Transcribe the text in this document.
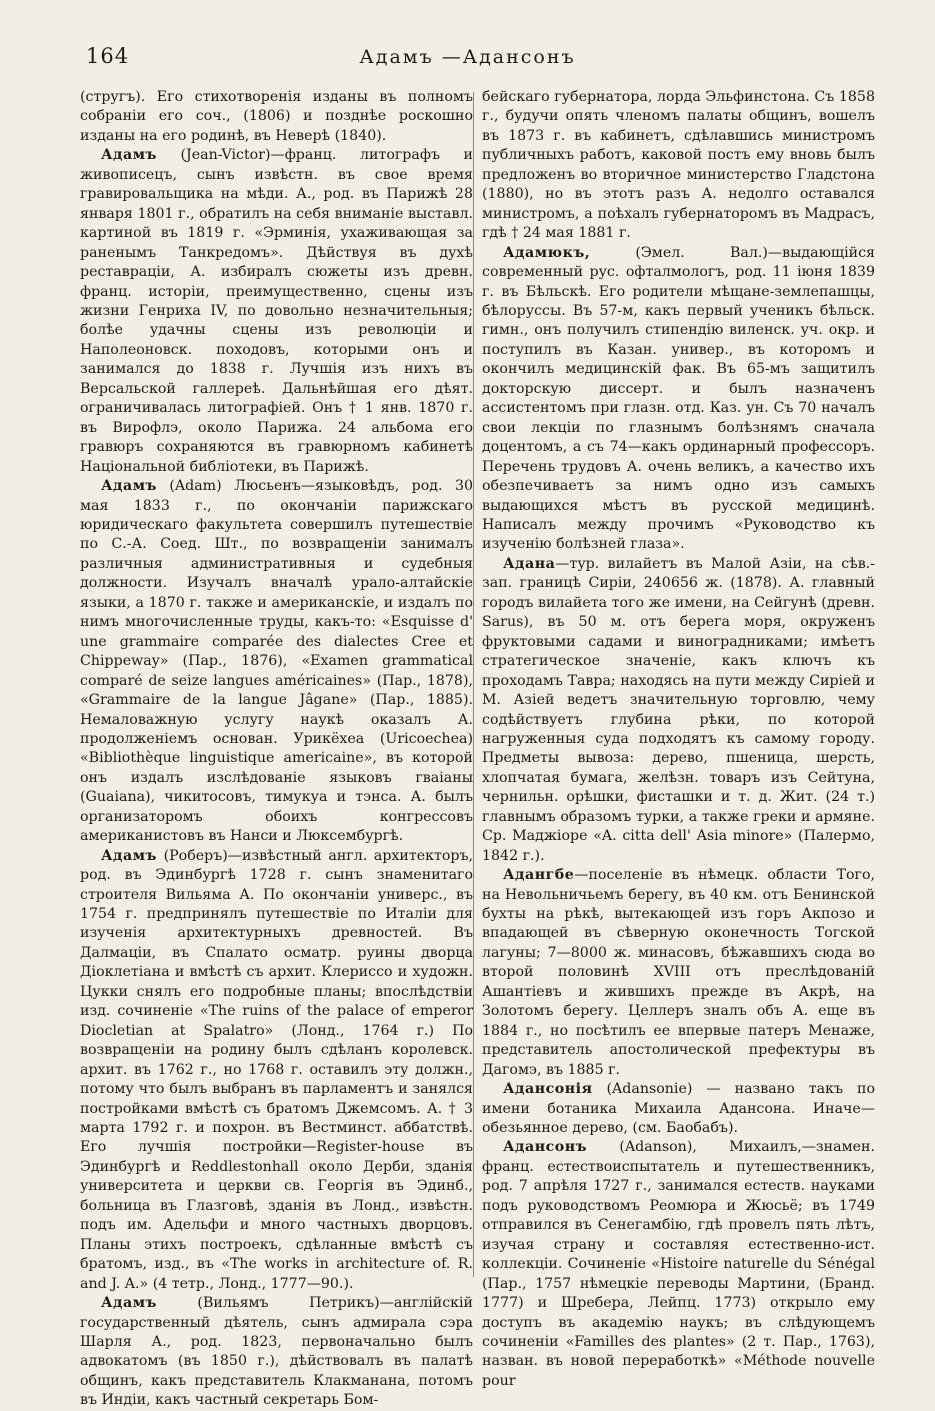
164	Адамъ —Адансонъ

(стругъ). Его стихотворенія изданы въ полномъ собраніи его соч., (1806) и позднѣе роскошно изданы на его родинѣ, въ Неверѣ (1840).

Адамъ (Jean-Victor)—франц. литографъ и живописецъ, сынъ извѣстн. въ свое время гравировальщика на мѣди. А., род. въ Парижѣ 28 января 1801 г., обратилъ на себя вниманіе выставл. картиной въ 1819 г. «Эрминія, ухаживающая за раненымъ Танкредомъ». Дѣйствуя въ духѣ реставраціи, А. избиралъ сюжеты изъ древн. франц. исторіи, преимущественно, сцены изъ жизни Генриха IV, по довольно незначительныя; болѣе удачны сцены изъ революціи и Наполеоновск. походовъ, которыми онъ и занимался до 1838 г. Лучшія изъ нихъ въ Версальской галлереѣ. Дальнѣйшая его дѣят. ограничивалась литографіей. Онъ † 1 янв. 1870 г. въ Вирофлэ, около Парижа. 24 альбома его гравюръ сохраняются въ гравюрномъ кабинетѣ Національной библіотеки, въ Парижѣ.

Адамъ (Adam) Люсьенъ—языковѣдъ, род. 30 мая 1833 г., по окончаніи парижскаго юридическаго факультета совершилъ путешествіе по С.-А. Соед. Шт., по возвращеніи занималъ различныя административныя и судебныя должности. Изучалъ вначалѣ урало-алтайскіе языки, а 1870 г. также и американскіе, и издалъ по нимъ многочисленные труды, какъ-то: «Esquisse d' une grammaire comparée des dialectes Cree et Chippeway» (Пар., 1876), «Examen grammatical comparé de seize langues américaines» (Пар., 1878), «Grammaire de la langue Jâgane» (Пар., 1885). Немаловажную услугу наукѣ оказалъ А. продолженіемъ основан. Урикёхеа (Uricoechea) «Bibliothèque linguistique americaine», въ которой онъ издалъ изслѣдованіе языковъ гваіаны (Guaiana), чикитосовъ, тимукуа и тэнса. А. былъ организаторомъ обоихъ конгрессовъ американистовъ въ Нанси и Люксембургѣ.

Адамъ (Роберъ)—извѣстный англ. архитекторъ, род. въ Эдинбургѣ 1728 г. сынъ знаменитаго строителя Вильяма А. По окончаніи универс., въ 1754 г. предпринялъ путешествіе по Италіи для изученія архитектурныхъ древностей. Въ Далмаціи, въ Спалато осматр. руины дворца Діоклетіана и вмѣстѣ съ архит. Клериссо и художн. Цукки снялъ его подробные планы; впослѣдствіи изд. сочиненіе «The ruins of the palace of emperor Diocletian at Spalatro» (Лонд., 1764 г.) По возвращеніи на родину былъ сдѣланъ королевск. архит. въ 1762 г., но 1768 г. оставилъ эту должн., потому что былъ выбранъ въ парламентъ и занялся постройками вмѣстѣ съ братомъ Джемсомъ. А. † 3 марта 1792 г. и похрон. въ Вестминст. аббатствѣ. Его лучшія постройки—Register-house въ Эдинбургѣ и Reddlestonhall около Дерби, зданія университета и церкви св. Георгія въ Эдинб., больница въ Глазговѣ, зданія въ Лонд., извѣстн. подъ им. Адельфи и много частныхъ дворцовъ. Планы этихъ построекъ, сдѣланные вмѣстѣ съ братомъ, изд., въ «The works in architecture of. R. and J. A.» (4 тетр., Лонд., 1777—90.).

Адамъ	(Вильямъ Петрикъ)—англійскій государственный дѣятель, сынъ адмирала сэра Шарля А., род. 1823, первоначально былъ адвокатомъ (въ 1850 г.), дѣйствовалъ въ палатѣ общинъ, какъ представитель Клакманана, потомъ въ Индіи, какъ частный секретарь Бом-

бейскаго губернатора, лорда Эльфинстона. Съ 1858 г., будучи опять членомъ палаты общинъ, вошелъ въ 1873 г. въ кабинетъ, сдѣлавшись министромъ публичныхъ работъ, каковой постъ ему вновь былъ предложенъ во вторичное министерство Гладстона (1880), но въ этотъ разъ А. недолго оставался министромъ, а поѣхалъ губернаторомъ въ Мадрасъ, гдѣ † 24 мая 1881 г.

Адамюкъ,	(Эмел. Вал.)—выдающійся современный рус. офталмологъ, род. 11 іюня 1839 г. въ Бѣльскѣ. Его родители мѣщане-землепашцы, бѣлоруссы. Въ 57-м, какъ первый ученикъ бѣльск. гимн., онъ получилъ стипендію виленск. уч. окр. и поступилъ въ Казан. универ., въ которомъ и окончилъ медицинскій фак. Въ 65-мъ защитилъ докторскую диссерт. и былъ назначенъ ассистентомъ при глазн. отд. Каз. ун. Съ 70 началъ свои лекціи по глазнымъ болѣзнямъ сначала доцентомъ, а съ 74—какъ ординарный профессоръ. Перечень трудовъ А. очень великъ, а качество ихъ обезпечиваетъ за нимъ одно изъ самыхъ выдающихся мѣстъ въ русской медицинѣ. Написалъ между прочимъ «Руководство къ изученію болѣзней глаза».

Адана—тур. вилайетъ въ Малой Азіи, на сѣв.-зап. границѣ Сиріи, 240656 ж. (1878). А. главный городъ вилайета того же имени, на Сейгунѣ (древн. Sarus), въ 50 м. отъ берега моря, окруженъ фруктовыми садами и виноградниками; имѣетъ стратегическое значеніе, какъ ключъ къ проходамъ Тавра; находясь на пути между Сиріей и М. Азіей ведетъ значительную торговлю, чему содѣйствуетъ глубина рѣки, по которой нагруженныя суда подходятъ къ самому городу. Предметы вывоза: дерево, пшеница, шерсть, хлопчатая бумага, желѣзн. товаръ изъ Сейтуна, чернильн. орѣшки, фисташки и т. д. Жит. (24 т.) главнымъ образомъ турки, а также греки и армяне. Ср. Маджіоре «A. citta dell' Asia minore» (Палермо, 1842 г.).

Адангбе—поселеніе въ нѣмецк. области Того, на Невольничьемъ берегу, въ 40 км. отъ Бенинской бухты на рѣкѣ, вытекающей изъ горъ Акпозо и впадающей въ сѣверную оконечность Тогской лагуны; 7—8000 ж. минасовъ, бѣжавшихъ сюда во второй половинѣ XVIII отъ преслѣдованій Ашантіевъ и жившихъ прежде въ Акрѣ, на Золотомъ берегу. Целлеръ зналъ объ А. еще въ 1884 г., но посѣтилъ ее впервые патеръ Менаже, представитель апостолической префектуры въ Дагомэ, въ 1885 г.

Адансонія (Adansonie) — названо такъ по имени ботаника Михаила Адансона. Иначе—обезьянное дерево, (см. Баобабъ).

Адансонъ (Adanson), Михаилъ,—знамен. франц. естествоиспытатель и путешественникъ, род. 7 апрѣля 1727 г., занимался естеств. науками подъ руководствомъ Реомюра и Жюсьё; въ 1749 отправился въ Сенегамбію, гдѣ провелъ пять лѣтъ, изучая страну и составляя естественно-ист. коллекціи. Сочиненіе «Histoire naturelle du Sénégal (Пар., 1757 нѣмецкіе переводы Мартини, (Бранд. 1777) и Шребера, Лейпц. 1773) открыло ему доступъ въ академію наукъ; въ слѣдующемъ сочиненіи «Familles des plantes» (2 т. Пар., 1763), назван. въ новой переработкѣ» «Méthode nouvelle pour
